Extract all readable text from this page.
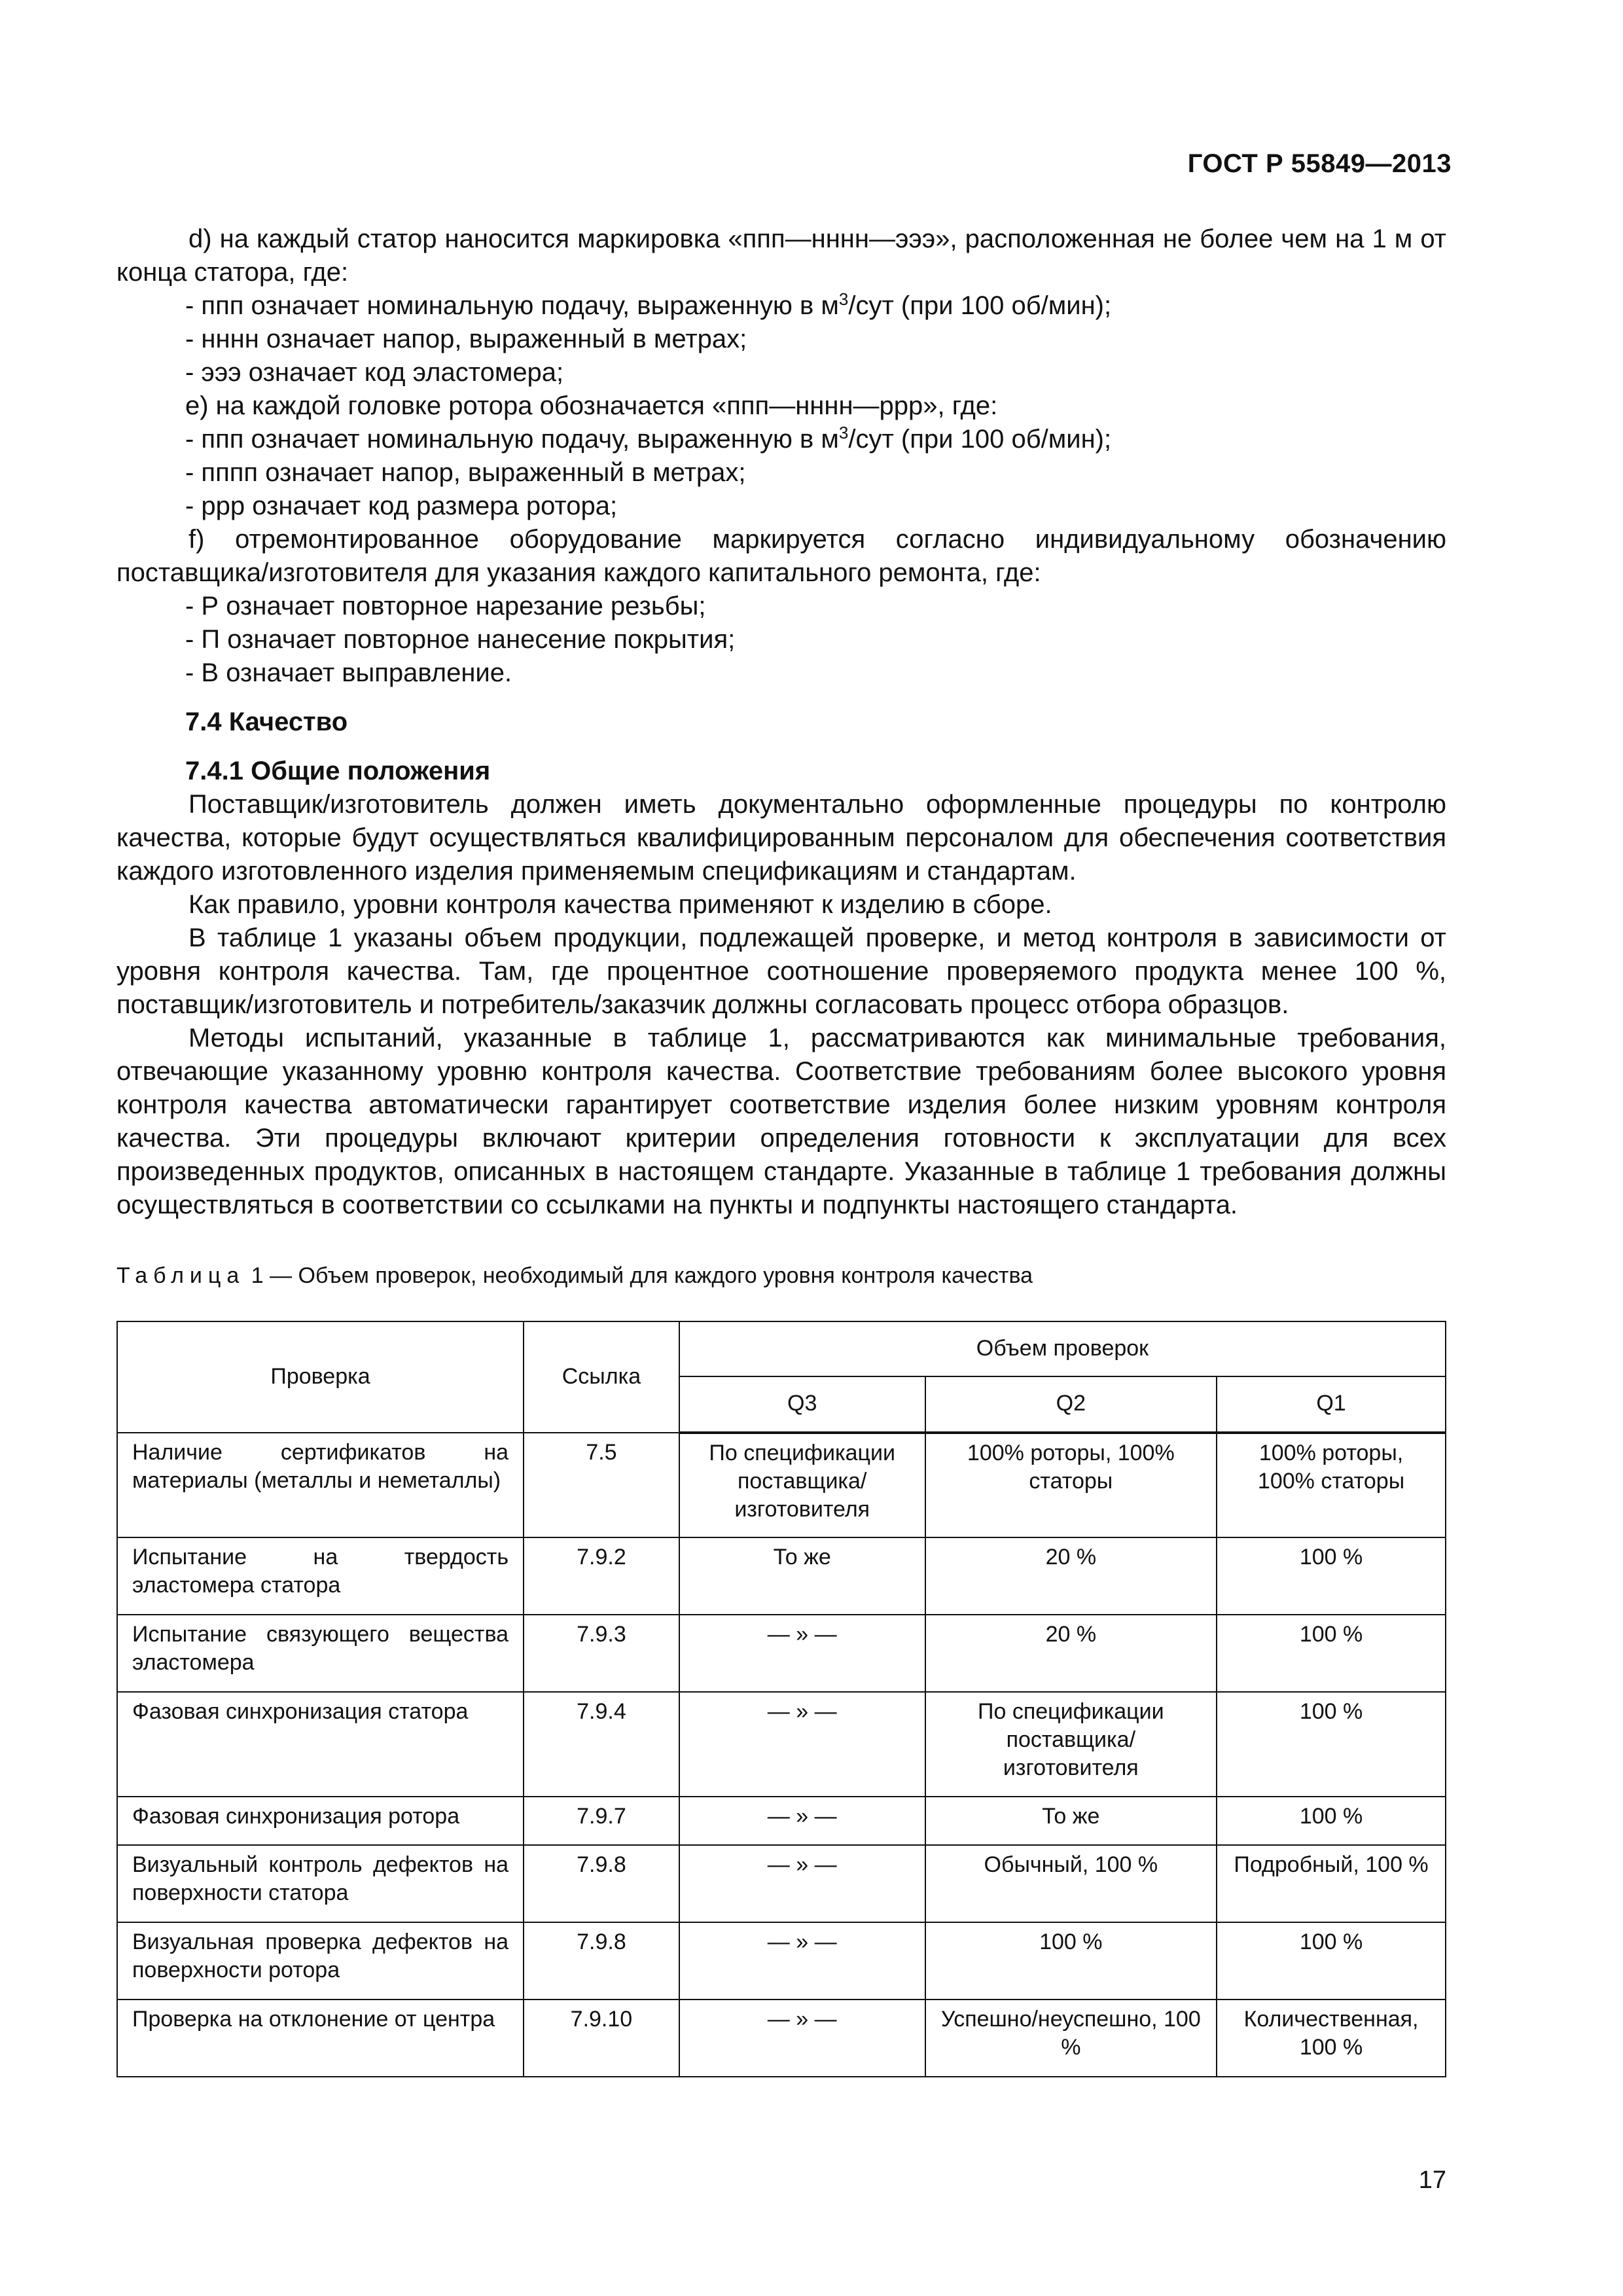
ГОСТ Р 55849—2013

d) на каждый статор наносится маркировка «ппп—нннн—эээ», расположенная не более чем на 1 м от конца статора, где:

- ппп означает номинальную подачу, выраженную в $м^3$/сут (при 100 об/мин);

- нннн означает напор, выраженный в метрах;

- эээ означает код эластомера;

е) на каждой головке ротора обозначается «ппп—нннн—ррр», где:

- ппп означает номинальную подачу, выраженную в $м^3$/сут (при 100 об/мин);

- пппп означает напор, выраженный в метрах;

- ррр означает код размера ротора;

f) отремонтированное оборудование маркируется согласно индивидуальному обозначению поставщика/изготовителя для указания каждого капитального ремонта, где:

- Р означает повторное нарезание резьбы;

- П означает повторное нанесение покрытия;

- В означает выправление.

7.4 Качество

7.4.1 Общие положения

Поставщик/изготовитель должен иметь документально оформленные процедуры по контролю качества, которые будут осуществляться квалифицированным персоналом для обеспечения соответствия каждого изготовленного изделия применяемым спецификациям и стандартам.

Как правило, уровни контроля качества применяют к изделию в сборе.

В таблице 1 указаны объем продукции, подлежащей проверке, и метод контроля в зависимости от уровня контроля качества. Там, где процентное соотношение проверяемого продукта менее 100 %, поставщик/изготовитель и потребитель/заказчик должны согласовать процесс отбора образцов.

Методы испытаний, указанные в таблице 1, рассматриваются как минимальные требования, отвечающие указанному уровню контроля качества. Соответствие требованиям более высокого уровня контроля качества автоматически гарантирует соответствие изделия более низким уровням контроля качества. Эти процедуры включают критерии определения готовности к эксплуатации для всех произведенных продуктов, описанных в настоящем стандарте. Указанные в таблице 1 требования должны осуществляться в соответствии со ссылками на пункты и подпункты настоящего стандарта.

Таблица 1 — Объем проверок, необходимый для каждого уровня контроля качества
Проверка	Ссылка	Объем проверок		
		Q3	Q2	Q1
Наличие сертификатов на материалы (металлы и неметаллы)	7.5	По спецификации поставщика/ изготовителя	100% роторы, 100% статоры	100% роторы, 100% статоры
Испытание на твердость эластомера статора	7.9.2	То же	20 %	100 %
Испытание связующего вещества эластомера	7.9.3	— » —	20 %	100 %
Фазовая синхронизация статора	7.9.4	— » —	По спецификации поставщика/ изготовителя	100 %
Фазовая синхронизация ротора	7.9.7	— » —	То же	100 %
Визуальный контроль дефектов на поверхности статора	7.9.8	— » —	Обычный, 100 %	Подробный, 100 %
Визуальная проверка дефектов на поверхности ротора	7.9.8	— » —	100 %	100 %
Проверка на отклонение от центра	7.9.10	— » —	Успешно/неуспешно, 100 %	Количественная, 100 %
17
